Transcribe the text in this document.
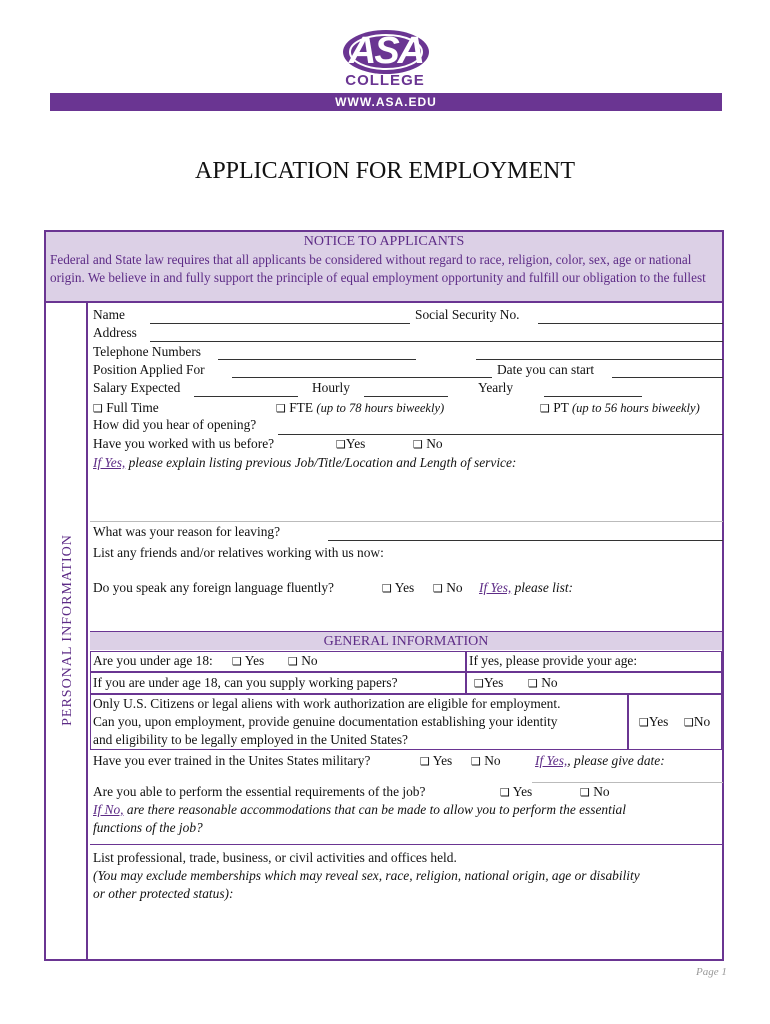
ASA
COLLEGE
WWW.ASA.EDU
APPLICATION FOR EMPLOYMENT
NOTICE TO APPLICANTS
Federal and State law requires that all applicants be considered without regard to race, religion, color, sex, age or national origin. We believe in and fully support the principle of equal employment opportunity and fulfill our obligation to the fullest
PERSONAL INFORMATION
Name	Social Security No.
Address
Telephone Numbers
Position Applied For	Date you can start
Salary Expected	Hourly	Yearly
❑ Full Time	❑ FTE (up to 78 hours biweekly)	❑ PT (up to 56 hours biweekly)
How did you hear of opening?
Have you worked with us before?	❑Yes	❑ No
If Yes, please explain listing previous Job/Title/Location and Length of service:
What was your reason for leaving?
List any friends and/or relatives working with us now:
Do you speak any foreign language fluently?	❑ Yes ❑ No If Yes, please list:
GENERAL INFORMATION
Are you under age 18: ❑ Yes ❑ No	If yes, please provide your age:
If you are under age 18, can you supply working papers?	❑Yes ❑ No
Only U.S. Citizens or legal aliens with work authorization are eligible for employment.
Can you, upon employment, provide genuine documentation establishing your identity
and eligibility to be legally employed in the United States?
❑Yes ❑No
Have you ever trained in the Unites States military?	❑ Yes ❑ No	If Yes,, please give date:
Are you able to perform the essential requirements of the job?	❑ Yes	❑ No
If No, are there reasonable accommodations that can be made to allow you to perform the essential
functions of the job?
List professional, trade, business, or civil activities and offices held.
(You may exclude memberships which may reveal sex, race, religion, national origin, age or disability
or other protected status):
Page 1
